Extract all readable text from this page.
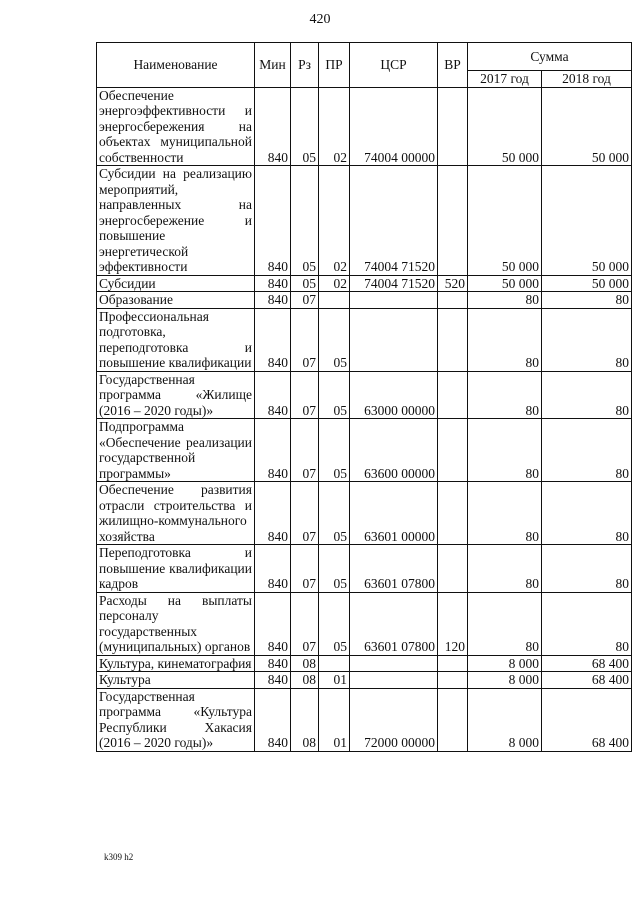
420
Наименование	Мин	Рз	ПР	ЦСР	ВР	Сумма	
						2017 год	2018 год
Обеспечение энергоэффективности и энергосбережения на объектах муниципальной собственности	840	05	02	74004 00000		50 000	50 000
Субсидии на реализацию мероприятий, направленных на энергосбережение и повышение энергетической эффективности	840	05	02	74004 71520		50 000	50 000
Субсидии	840	05	02	74004 71520	520	50 000	50 000
Образование	840	07				80	80
Профессиональная подготовка, переподготовка и повышение квалификации	840	07	05			80	80
Государственная программа «Жилище (2016 – 2020 годы)»	840	07	05	63000 00000		80	80
Подпрограмма «Обеспечение реализации государственной программы»	840	07	05	63600 00000		80	80
Обеспечение развития отрасли строительства и жилищно-коммунального хозяйства	840	07	05	63601 00000		80	80
Переподготовка и повышение квалификации кадров	840	07	05	63601 07800		80	80
Расходы на выплаты персоналу государственных (муниципальных) органов	840	07	05	63601 07800	120	80	80
Культура, кинематография	840	08				8 000	68 400
Культура	840	08	01			8 000	68 400
Государственная программа «Культура Республики Хакасия (2016 – 2020 годы)»	840	08	01	72000 00000		8 000	68 400
k309 h2
